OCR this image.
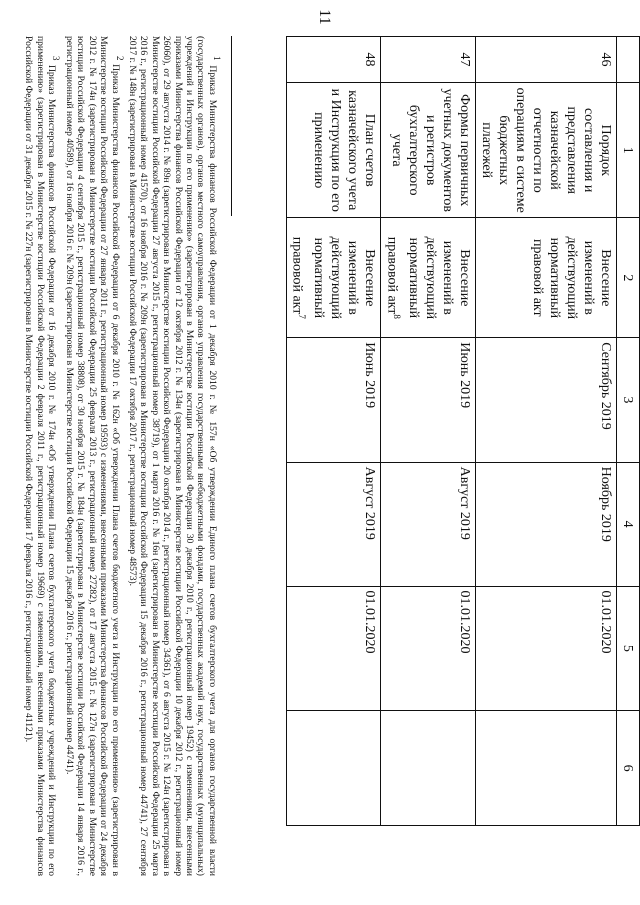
11
	1	2	3	4	5	6
46	Порядок составления и представления казначейской отчетности по операциям в системе бюджетных платежей	Внесение изменений в действующий нормативный правовой акт	Сентябрь 2019	Ноябрь 2019	01.01.2020	
47	Формы первичных учетных документов и регистров бухгалтерского учета	Внесение изменений в действующий нормативный правовой акт$^8$	Июнь 2019	Август 2019	01.01.2020	
48	План счетов казначейского учета и Инструкция по его применению	Внесение изменений в действующий нормативный правовой акт$^7$	Июнь 2019	Август 2019	01.01.2020	

$^1$ Приказ Министерства финансов Российской Федерации от 1 декабря 2010 г. № 157н «Об утверждении Единого плана счетов бухгалтерского учета для органов государственной власти (государственных органов), органов местного самоуправления, органов управления государственными внебюджетными фондами, государственных академий наук, государственных (муниципальных) учреждений и Инструкции по его применению» (зарегистрирован в Министерстве юстиции Российской Федерации 30 декабря 2010 г., регистрационный номер 19452) с изменениями, внесенными приказами Министерства финансов Российской Федерации от 12 октября 2012 г. № 134н (зарегистрирован в Министерстве юстиции Российской Федерации 10 декабря 2012 г., регистрационный номер 26060), от 29 августа 2014 г. № 89н (зарегистрирован в Министерстве юстиции Российской Федерации 20 октября 2014 г., регистрационный номер 34361), от 6 августа 2015 г. № 124н (зарегистрирован в Министерстве юстиции Российской Федерации 27 августа 2015 г., регистрационный номер 38719), от 1 марта 2016 г. № 16н (зарегистрирован в Министерстве юстиции Российской Федерации 25 марта 2016 г., регистрационный номер 41570), от 16 ноября 2016 г. № 209н (зарегистрирован в Министерстве юстиции Российской Федерации 15 декабря 2016 г., регистрационный номер 44741), 27 сентября 2017 г. № 148н (зарегистрирован в Министерстве юстиции Российской Федерации 17 октября 2017 г., регистрационный номер 48573).

$^2$ Приказ Министерства финансов Российской Федерации от 6 декабря 2010 г. № 162н «Об утверждении Плана счетов бюджетного учета и Инструкции по его применению» (зарегистрирован в Министерстве юстиции Российской Федерации от 27 января 2011 г., регистрационный номер 19593) с изменениями, внесенными приказами Министерства финансов Российской Федерации от 24 декабря 2012 г. № 174н (зарегистрирован в Министерстве юстиции Российской Федерации 25 февраля 2013 г., регистрационный номер 27282), от 17 августа 2015 г. № 127н (зарегистрирован в Министерстве юстиции Российской Федерации 4 сентября 2015 г., регистрационный номер 38808), от 30 ноября 2015 г. № 184н (зарегистрирован в Министерстве юстиции Российской Федерации 14 января 2016 г., регистрационный номер 40589), от 16 ноября 2016 г. № 209н (зарегистрирован в Министерстве юстиции Российской Федерации 15 декабря 2016 г., регистрационный номер 44741).

$^3$ Приказ Министерства финансов Российской Федерации от 16 декабря 2010 г. № 174н «Об утверждении Плана счетов бухгалтерского учета бюджетных учреждений и Инструкции по его применению» (зарегистрирован в Министерстве юстиции Российской Федерации 2 февраля 2011 г., регистрационный номер 19669) с изменениями, внесенными приказами Министерства финансов Российской Федерации от 31 декабря 2015 г. № 227н (зарегистрирован в Министерстве юстиции Российской Федерации 17 февраля 2016 г., регистрационный номер 41121).
